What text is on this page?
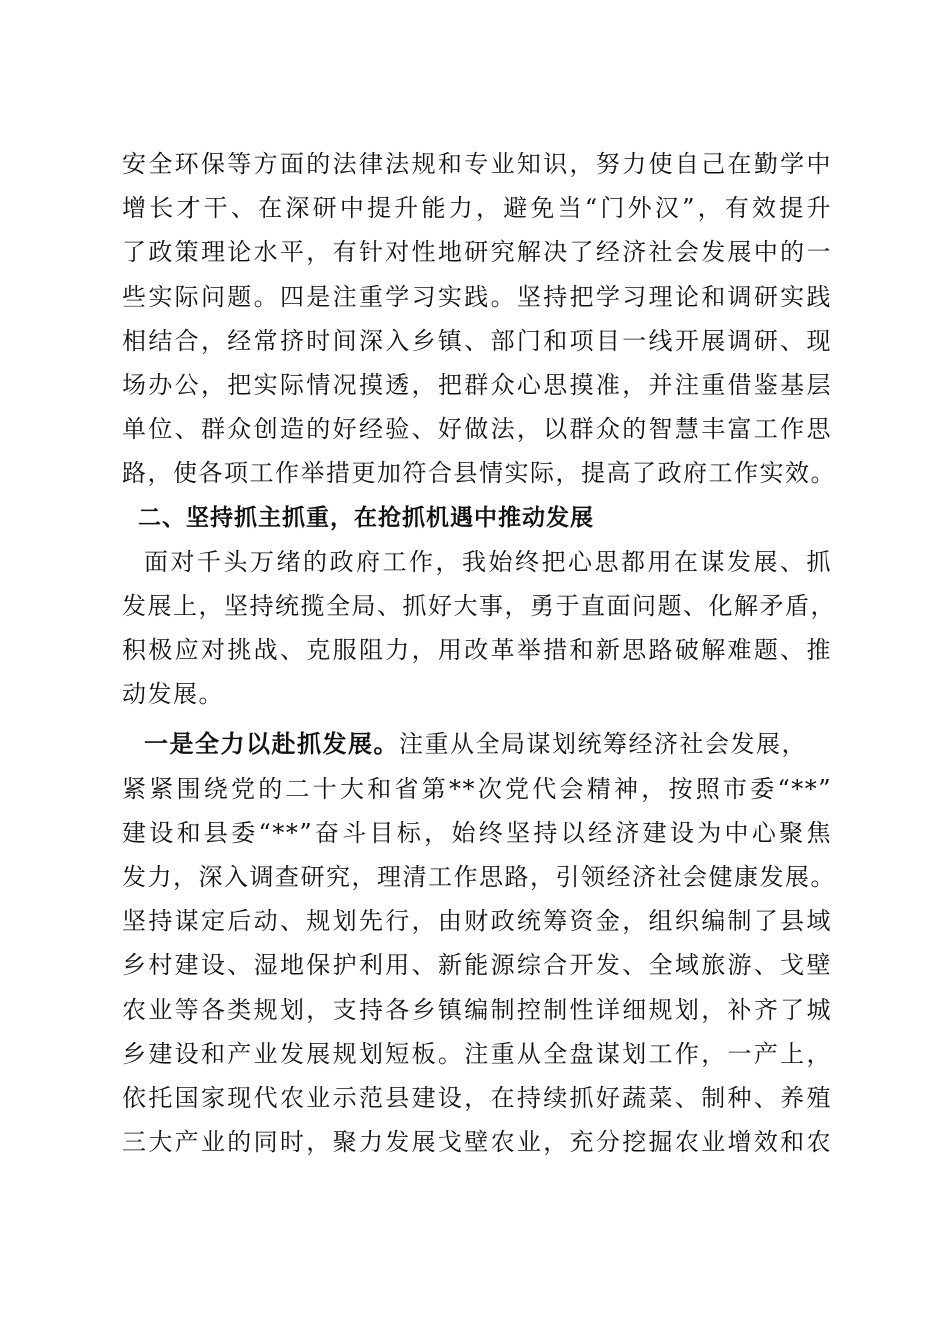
安全环保等方面的法律法规和专业知识，努力使自己在勤学中
增长才干、在深研中提升能力，避免当“门外汉”，有效提升
了政策理论水平，有针对性地研究解决了经济社会发展中的一
些实际问题。四是注重学习实践。坚持把学习理论和调研实践
相结合，经常挤时间深入乡镇、部门和项目一线开展调研、现
场办公，把实际情况摸透，把群众心思摸准，并注重借鉴基层
单位、群众创造的好经验、好做法，以群众的智慧丰富工作思
路，使各项工作举措更加符合县情实际，提高了政府工作实效。
二、坚持抓主抓重，在抢抓机遇中推动发展
面对千头万绪的政府工作，我始终把心思都用在谋发展、抓
发展上，坚持统揽全局、抓好大事，勇于直面问题、化解矛盾，
积极应对挑战、克服阻力，用改革举措和新思路破解难题、推
动发展。
一是全力以赴抓发展。注重从全局谋划统筹经济社会发展，
紧紧围绕党的二十大和省第**次党代会精神，按照市委“**”
建设和县委“**”奋斗目标，始终坚持以经济建设为中心聚焦
发力，深入调查研究，理清工作思路，引领经济社会健康发展。
坚持谋定后动、规划先行，由财政统筹资金，组织编制了县域
乡村建设、湿地保护利用、新能源综合开发、全域旅游、戈壁
农业等各类规划，支持各乡镇编制控制性详细规划，补齐了城
乡建设和产业发展规划短板。注重从全盘谋划工作，一产上，
依托国家现代农业示范县建设，在持续抓好蔬菜、制种、养殖
三大产业的同时，聚力发展戈壁农业，充分挖掘农业增效和农
